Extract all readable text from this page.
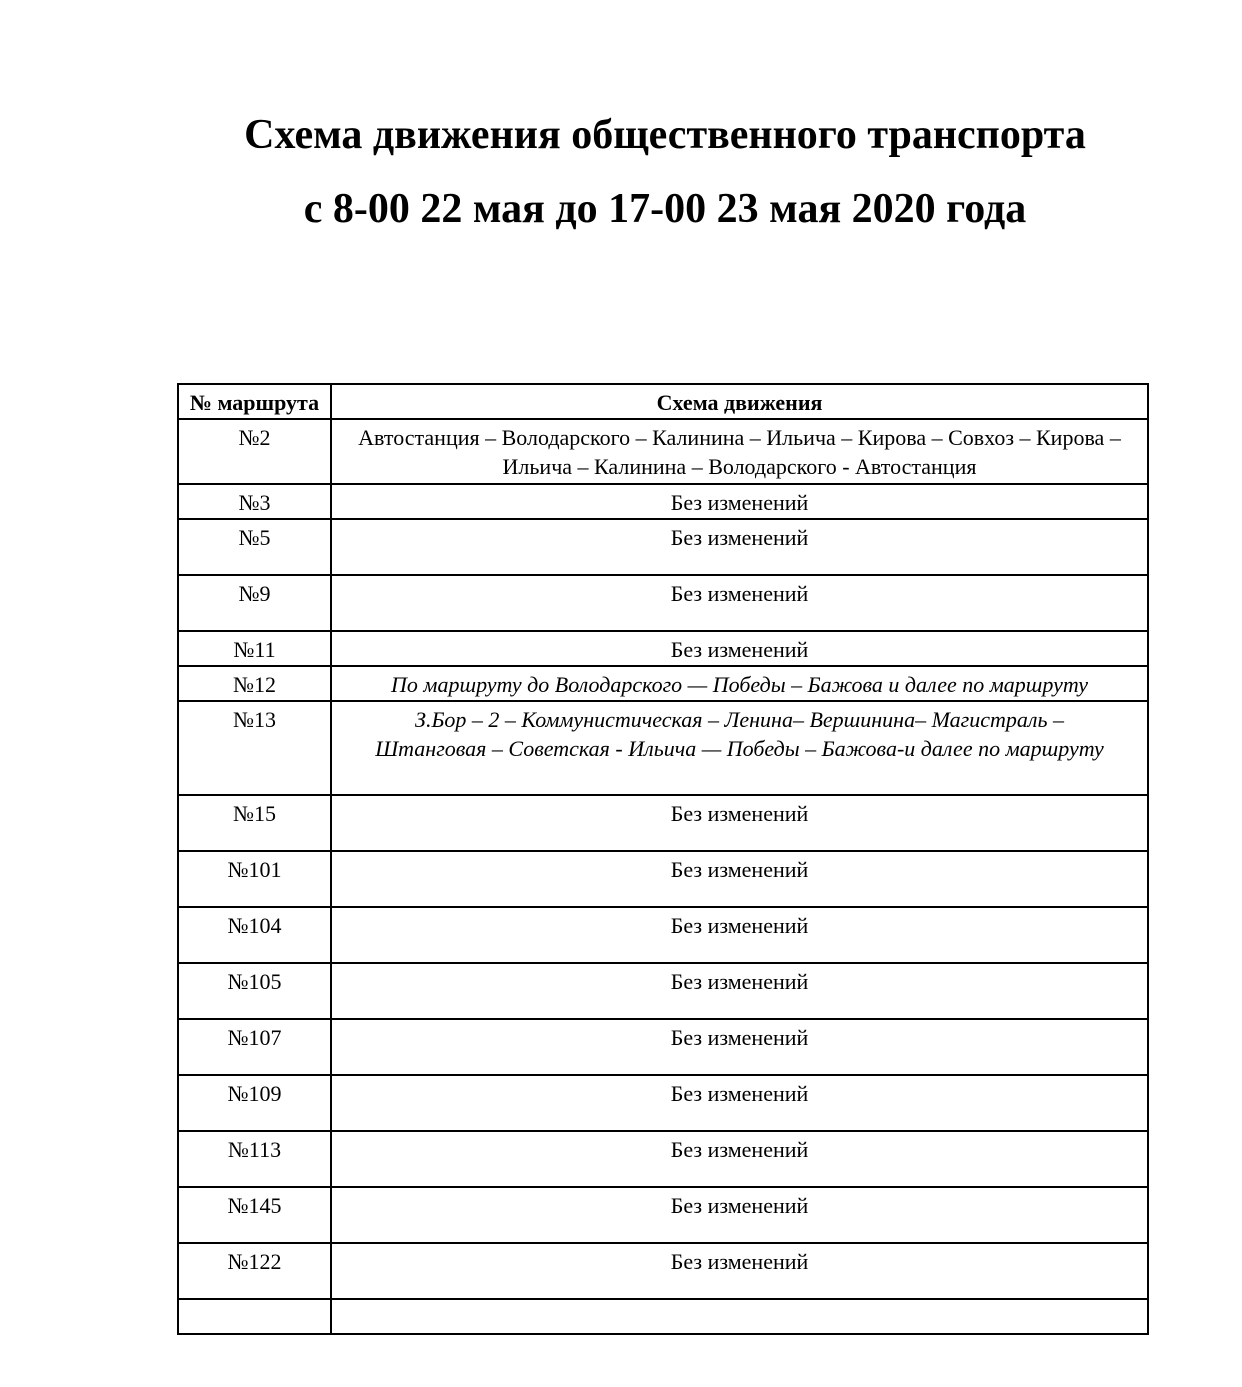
Схема движения общественного транспорта
с 8-00 22 мая до 17-00 23 мая 2020 года
№ маршрута	Схема движения
№2	Автостанция – Володарского – Калинина – Ильича – Кирова – Совхоз – Кирова – Ильича – Калинина – Володарского - Автостанция
№3	Без изменений
№5	Без изменений
№9	Без изменений
№11	Без изменений
№12	По маршруту до Володарского — Победы – Бажова и далее по маршруту
№13	З.Бор – 2 – Коммунистическая – Ленина– Вершинина– Магистраль – Штанговая – Советская - Ильича — Победы – Бажова-и далее по маршруту
№15	Без изменений
№101	Без изменений
№104	Без изменений
№105	Без изменений
№107	Без изменений
№109	Без изменений
№113	Без изменений
№145	Без изменений
№122	Без изменений
